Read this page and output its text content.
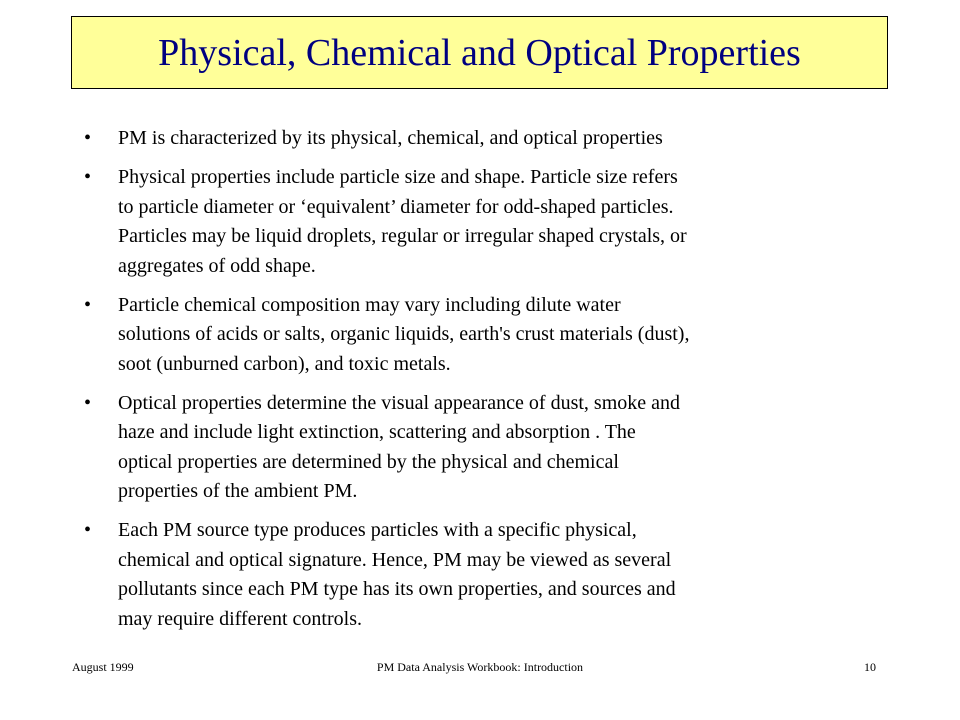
Physical, Chemical and Optical Properties
• PM is characterized by its physical, chemical, and optical properties
• Physical properties include particle size and shape. Particle size refers
to particle diameter or ‘equivalent’ diameter for odd-shaped particles.
Particles may be liquid droplets, regular or irregular shaped crystals, or
aggregates of odd shape.
• Particle chemical composition may vary including dilute water
solutions of acids or salts, organic liquids, earth's crust materials (dust),
soot (unburned carbon), and toxic metals.
• Optical properties determine the visual appearance of dust, smoke and
haze and include light extinction, scattering and absorption . The
optical properties are determined by the physical and chemical
properties of the ambient PM.
• Each PM source type produces particles with a specific physical,
chemical and optical signature. Hence, PM may be viewed as several
pollutants since each PM type has its own properties, and sources and
may require different controls.
PM Data Analysis Workbook: Introduction
August 1999	10
